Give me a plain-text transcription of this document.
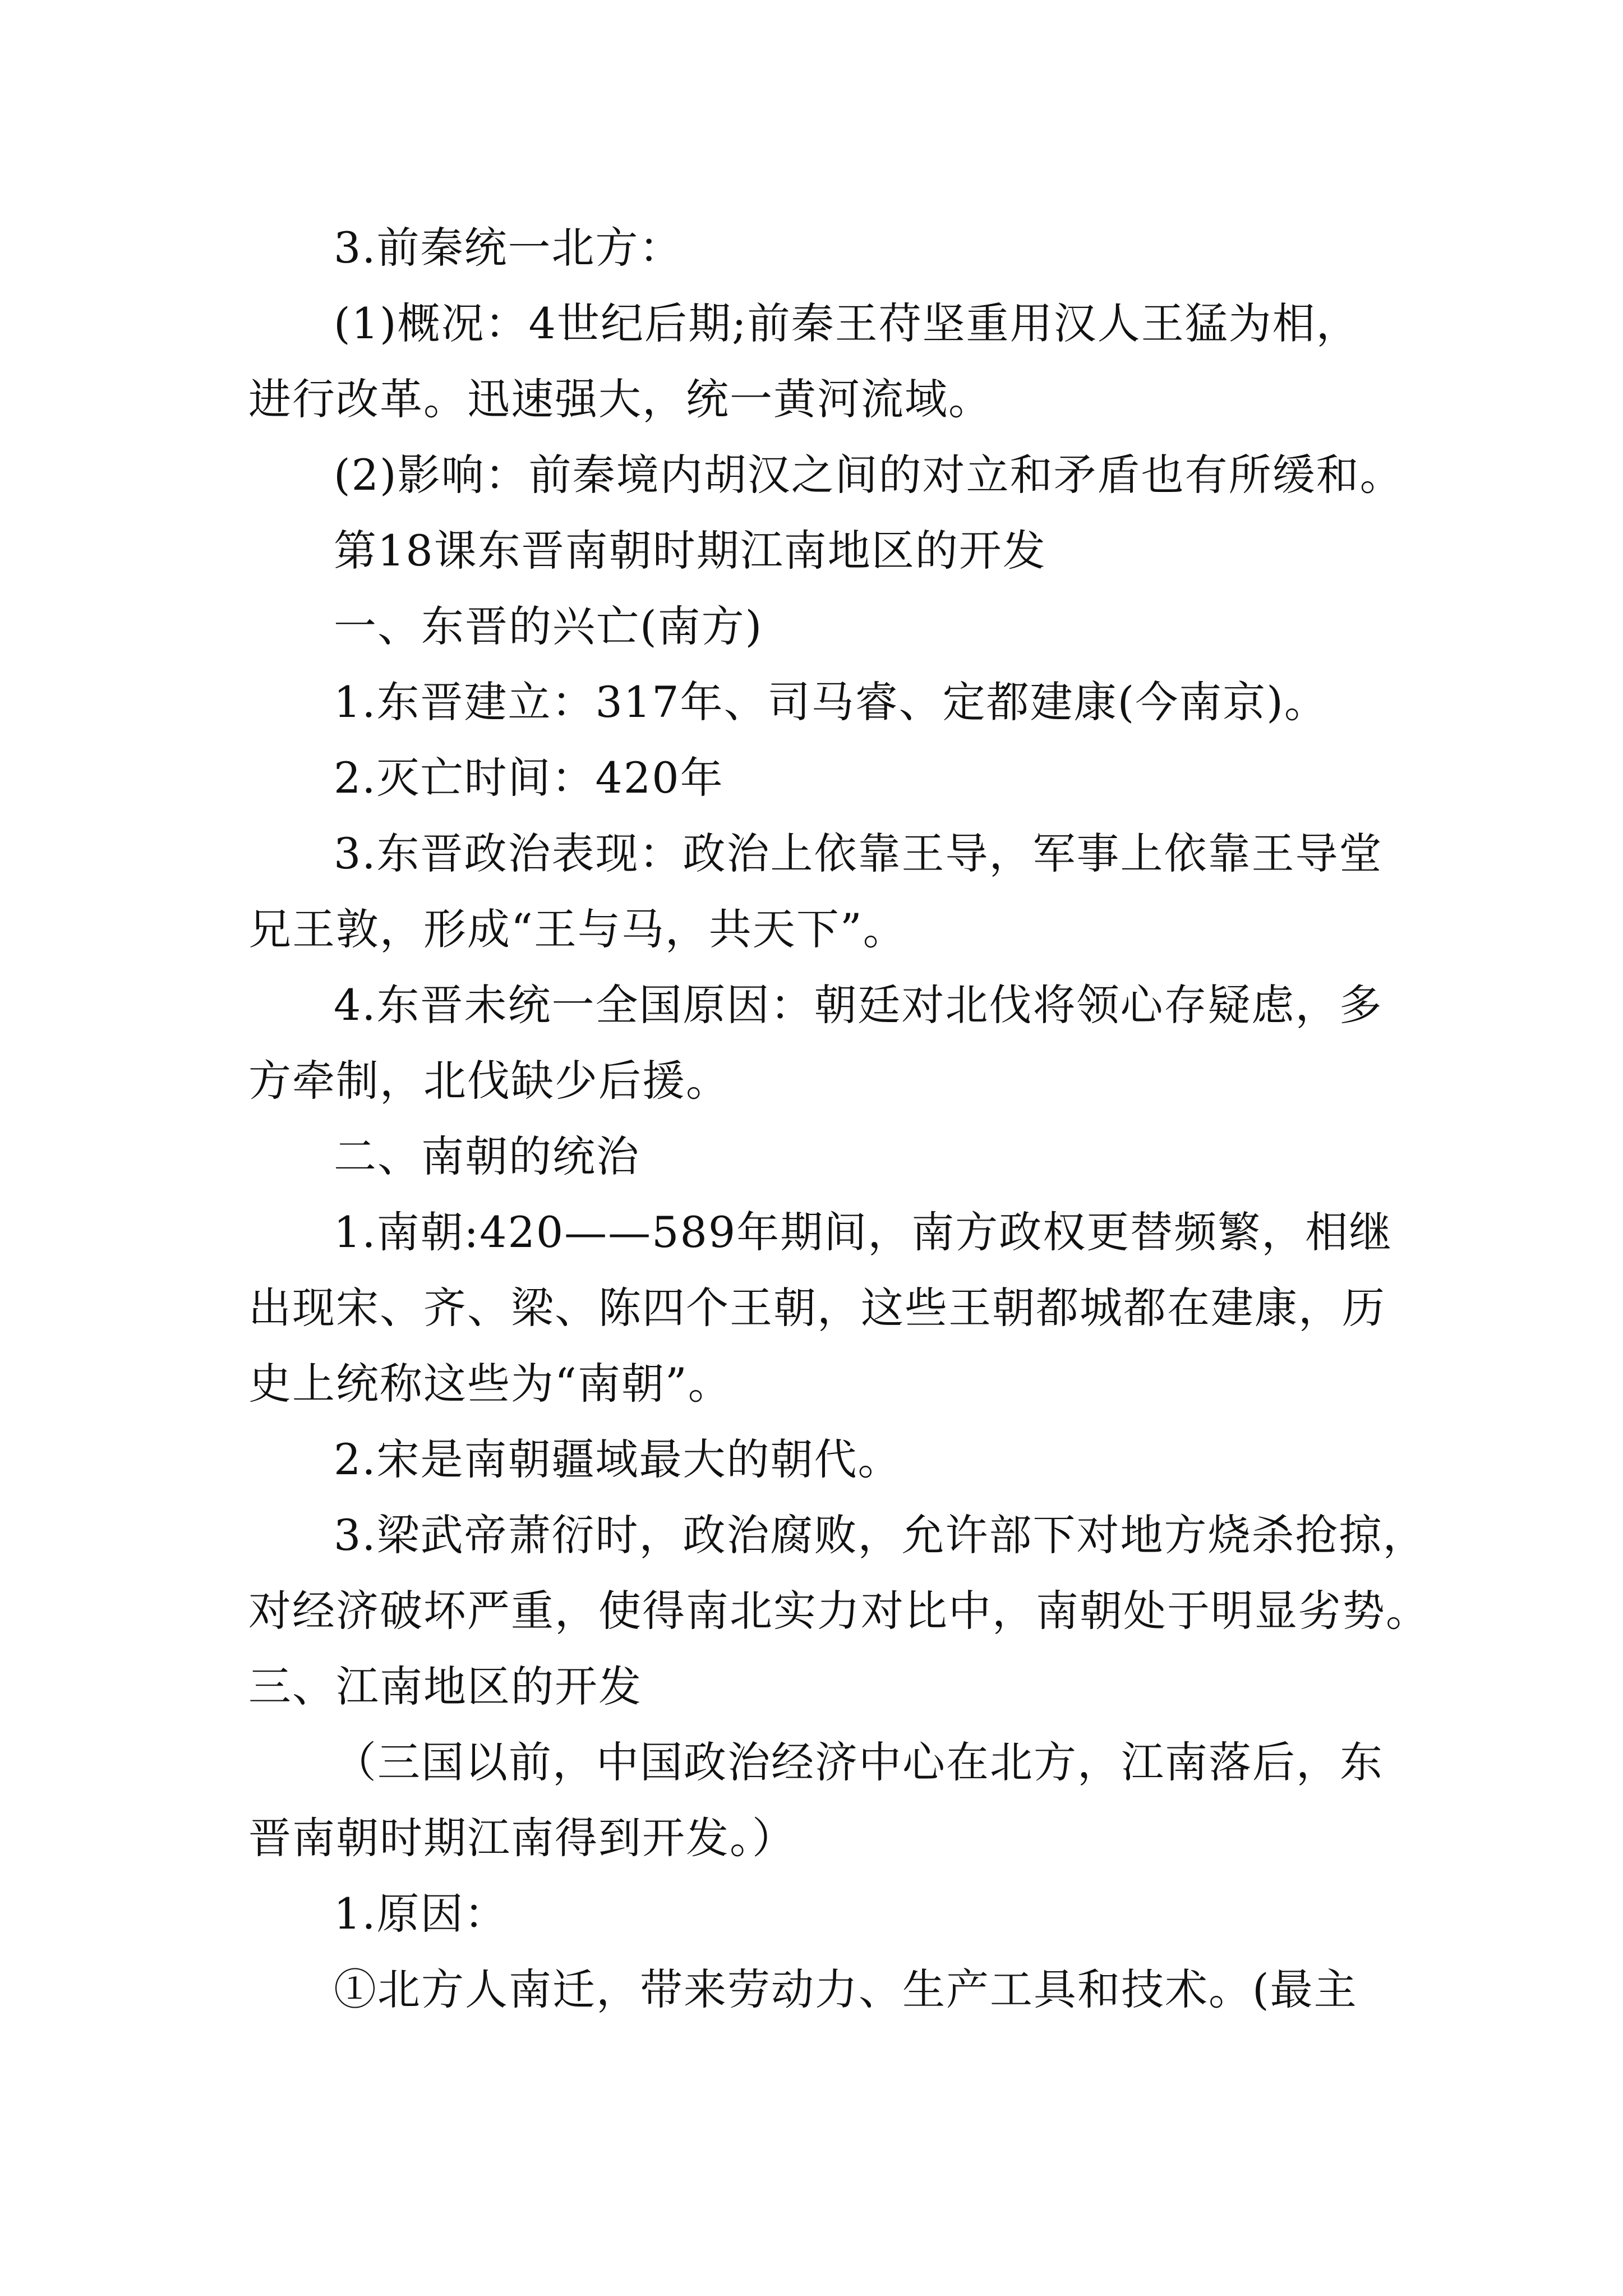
3.前秦统一北方：

(1)概况：4世纪后期;前秦王苻坚重用汉人王猛为相，

进行改革。迅速强大，统一黄河流域。

(2)影响：前秦境内胡汉之间的对立和矛盾也有所缓和。

第18课东晋南朝时期江南地区的开发

一、东晋的兴亡(南方)

1.东晋建立：317年、司马睿、定都建康(今南京)。

2.灭亡时间：420年

3.东晋政治表现：政治上依靠王导，军事上依靠王导堂

兄王敦，形成“王与马，共天下”。

4.东晋未统一全国原因：朝廷对北伐将领心存疑虑，多

方牵制，北伐缺少后援。

二、南朝的统治

1.南朝:420——589年期间，南方政权更替频繁，相继

出现宋、齐、梁、陈四个王朝，这些王朝都城都在建康，历

史上统称这些为“南朝”。

2.宋是南朝疆域最大的朝代。

3.梁武帝萧衍时，政治腐败，允许部下对地方烧杀抢掠，

对经济破坏严重，使得南北实力对比中，南朝处于明显劣势。

三、江南地区的开发

（三国以前，中国政治经济中心在北方，江南落后，东

晋南朝时期江南得到开发。）

1.原因：

①北方人南迁，带来劳动力、生产工具和技术。(最主
